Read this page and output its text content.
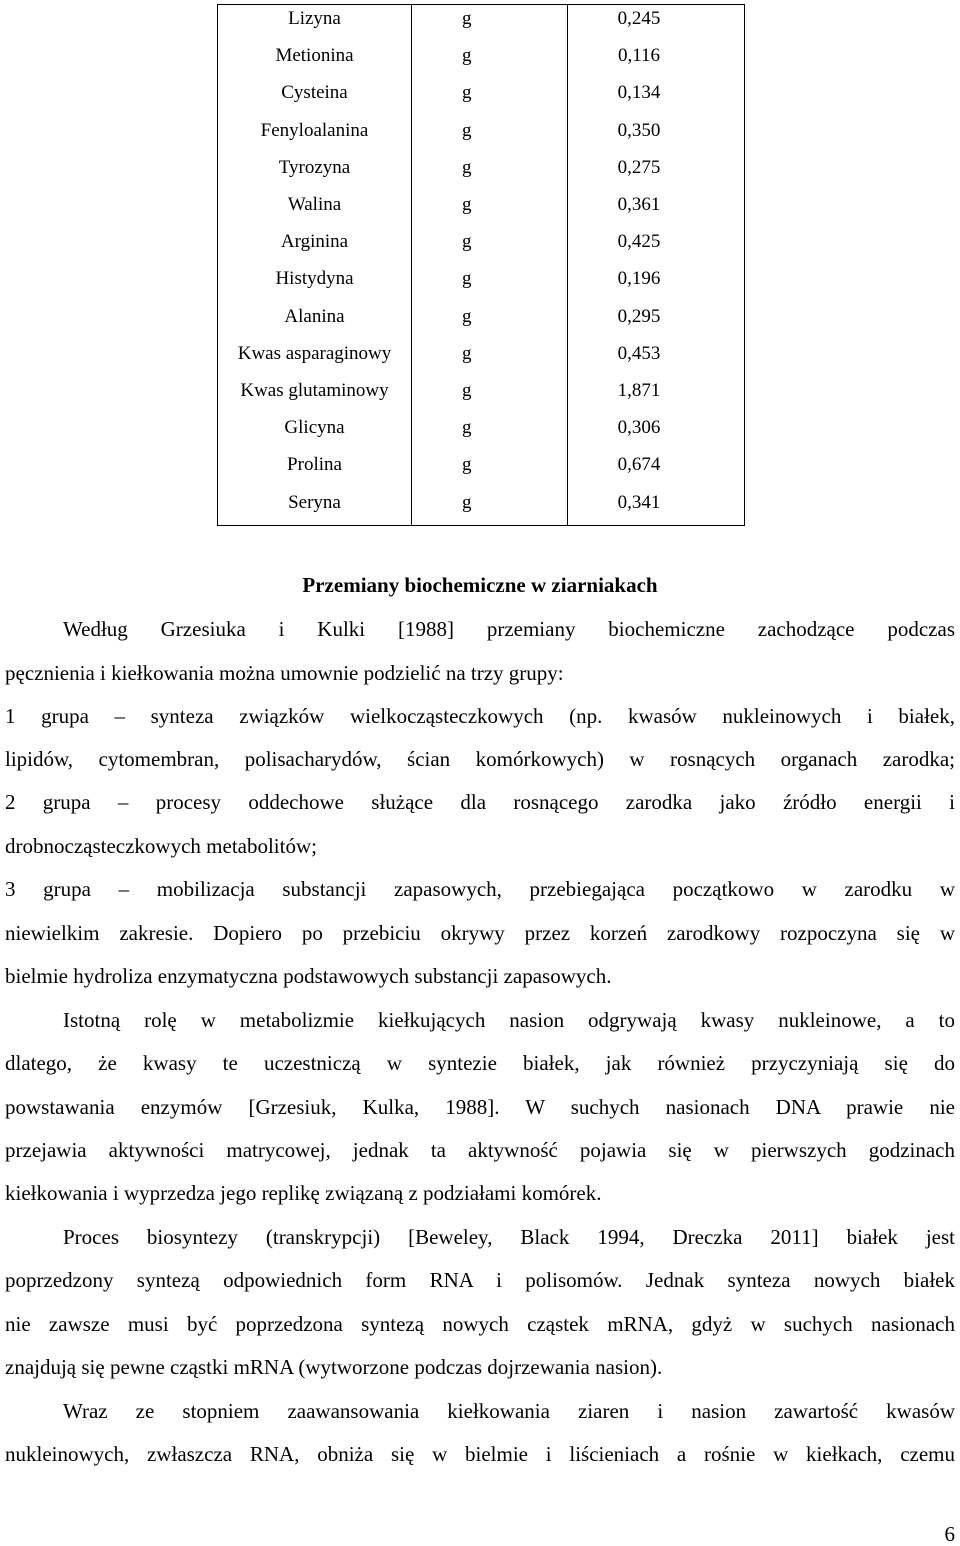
Lizyna	g	0,245
Metionina	g	0,116
Cysteina	g	0,134
Fenyloalanina	g	0,350
Tyrozyna	g	0,275
Walina	g	0,361
Arginina	g	0,425
Histydyna	g	0,196
Alanina	g	0,295
Kwas asparaginowy	g	0,453
Kwas glutaminowy	g	1,871
Glicyna	g	0,306
Prolina	g	0,674
Seryna	g	0,341
Przemiany biochemiczne w ziarniakach
Według Grzesiuka i Kulki [1988] przemiany biochemiczne zachodzące podczas
pęcznienia i kiełkowania można umownie podzielić na trzy grupy:
1 grupa – synteza związków wielkocząsteczkowych (np. kwasów nukleinowych i białek,
lipidów, cytomembran, polisacharydów, ścian komórkowych) w rosnących organach zarodka;
2 grupa – procesy oddechowe służące dla rosnącego zarodka jako źródło energii i
drobnocząsteczkowych metabolitów;
3 grupa – mobilizacja substancji zapasowych, przebiegająca początkowo w zarodku w
niewielkim zakresie. Dopiero po przebiciu okrywy przez korzeń zarodkowy rozpoczyna się w
bielmie hydroliza enzymatyczna podstawowych substancji zapasowych.
Istotną rolę w metabolizmie kiełkujących nasion odgrywają kwasy nukleinowe, a to
dlatego, że kwasy te uczestniczą w syntezie białek, jak również przyczyniają się do
powstawania enzymów [Grzesiuk, Kulka, 1988]. W suchych nasionach DNA prawie nie
przejawia aktywności matrycowej, jednak ta aktywność pojawia się w pierwszych godzinach
kiełkowania i wyprzedza jego replikę związaną z podziałami komórek.
Proces biosyntezy (transkrypcji) [Beweley, Black 1994, Dreczka 2011] białek jest
poprzedzony syntezą odpowiednich form RNA i polisomów. Jednak synteza nowych białek
nie zawsze musi być poprzedzona syntezą nowych cząstek mRNA, gdyż w suchych nasionach
znajdują się pewne cząstki mRNA (wytworzone podczas dojrzewania nasion).
Wraz ze stopniem zaawansowania kiełkowania ziaren i nasion zawartość kwasów
nukleinowych, zwłaszcza RNA, obniża się w bielmie i liścieniach a rośnie w kiełkach, czemu
6
